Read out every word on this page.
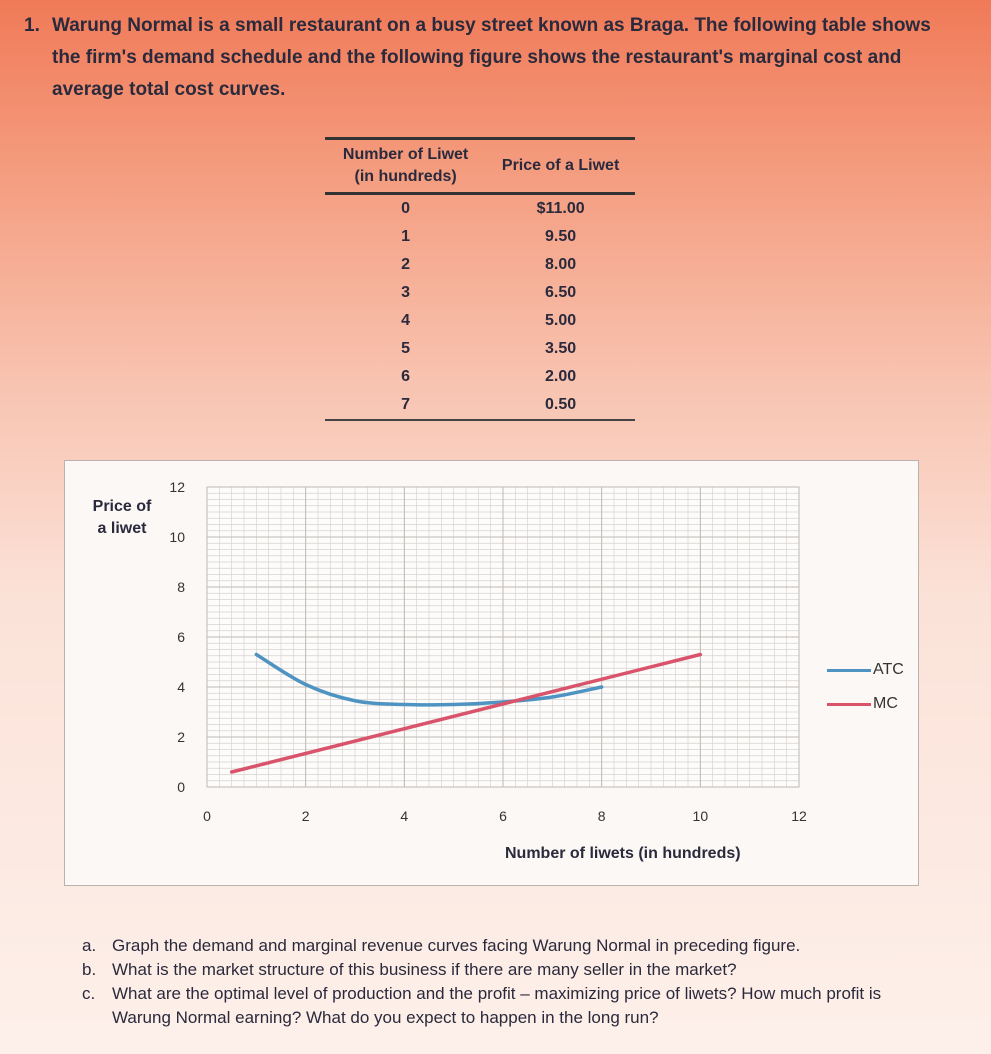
1. Warung Normal is a small restaurant on a busy street known as Braga. The following table shows the firm's demand schedule and the following figure shows the restaurant's marginal cost and average total cost curves.
Number of Liwet (in hundreds)	Price of a Liwet
0	$11.00
1	9.50
2	8.00
3	6.50
4	5.00
5	3.50
6	2.00
7	0.50
Price of a liwet
0	2	4	6	8	10	12
0
2
4
6
8
10
12
Number of liwets (in hundreds)
ATC
MC
a. Graph the demand and marginal revenue curves facing Warung Normal in preceding figure.
b. What is the market structure of this business if there are many seller in the market?
c. What are the optimal level of production and the profit – maximizing price of liwets? How much profit is Warung Normal earning? What do you expect to happen in the long run?
